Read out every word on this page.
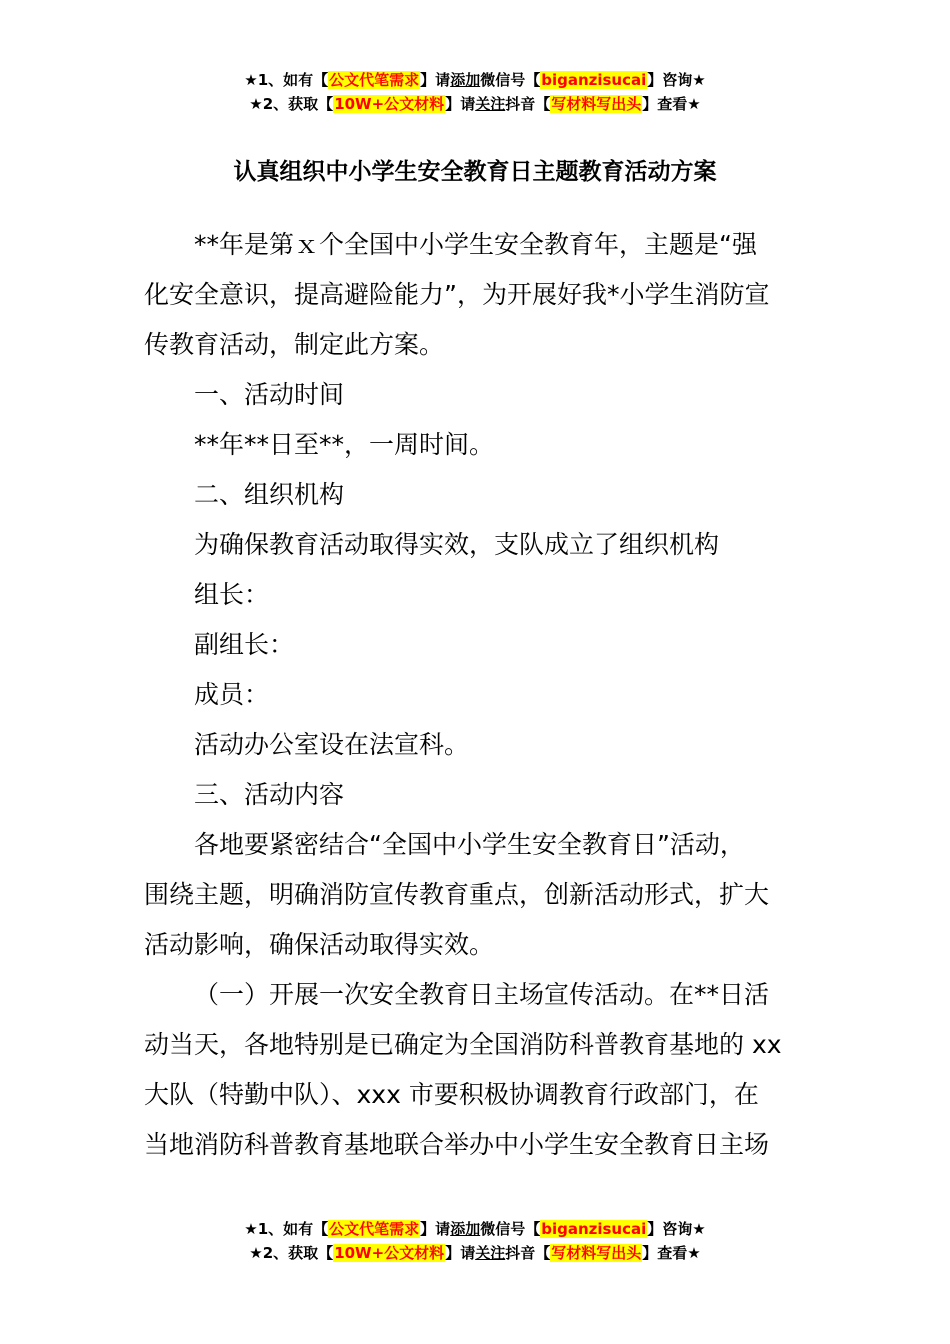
★1、如有【公文代笔需求】请添加微信号【biganzisucai】咨询★
★2、获取【10W+公文材料】请关注抖音【写材料写出头】查看★
认真组织中小学生安全教育日主题教育活动方案

**年是第ｘ个全国中小学生安全教育年，主题是“强

化安全意识，提高避险能力”，为开展好我*小学生消防宣

传教育活动，制定此方案。

一、活动时间

**年**日至**，一周时间。

二、组织机构

为确保教育活动取得实效，支队成立了组织机构

组长：

副组长：

成员：

活动办公室设在法宣科。

三、活动内容

各地要紧密结合“全国中小学生安全教育日”活动，

围绕主题，明确消防宣传教育重点，创新活动形式，扩大

活动影响，确保活动取得实效。

（一）开展一次安全教育日主场宣传活动。在**日活

动当天，各地特别是已确定为全国消防科普教育基地的 xx

大队（特勤中队）、xxx 市要积极协调教育行政部门，在

当地消防科普教育基地联合举办中小学生安全教育日主场

★1、如有【公文代笔需求】请添加微信号【biganzisucai】咨询★
★2、获取【10W+公文材料】请关注抖音【写材料写出头】查看★
